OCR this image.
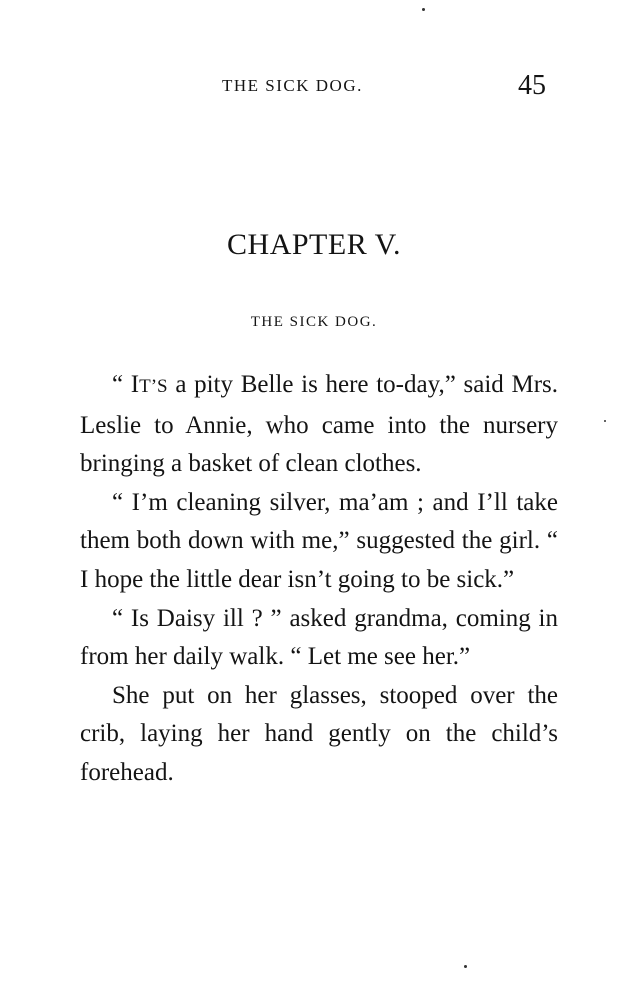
THE SICK DOG.	45
CHAPTER V.
THE SICK DOG.

“ IT’S a pity Belle is here to-day,” said Mrs. Leslie to Annie, who came into the nursery bringing a basket of clean clothes.

“ I’m cleaning silver, ma’am ; and I’ll take them both down with me,” suggested the girl. “ I hope the little dear isn’t going to be sick.”

“ Is Daisy ill ? ” asked grandma, coming in from her daily walk. “ Let me see her.”

She put on her glasses, stooped over the crib, laying her hand gently on the child’s forehead.
